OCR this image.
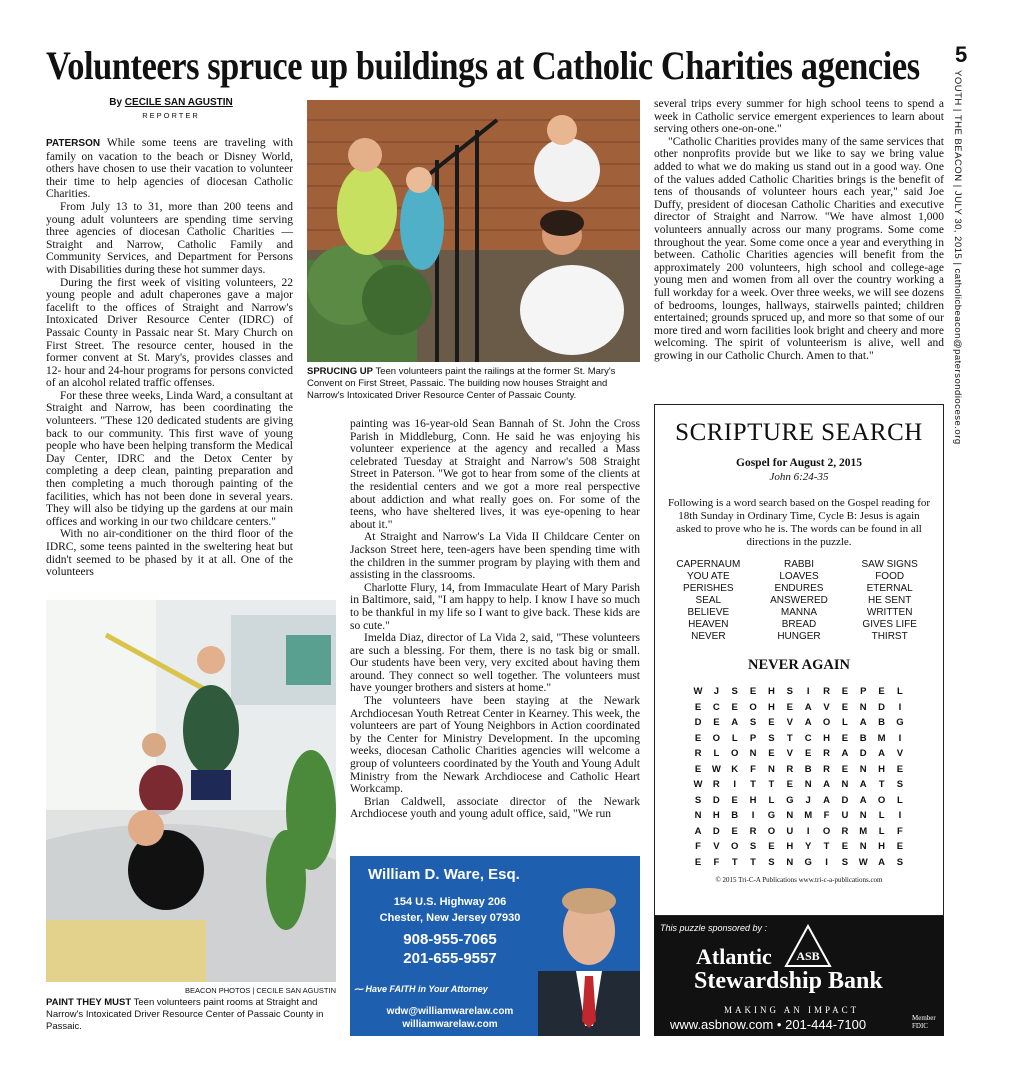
Volunteers spruce up buildings at Catholic Charities agencies 5
YOUTH | THE BEACON | JULY 30, 2015 | catholicbeacon@patersondiocese.org
By CECILE SAN AGUSTIN
REPORTER

PATERSON While some teens are traveling with family on vacation to the beach or Disney World, others have chosen to use their vacation to volunteer their time to help agencies of diocesan Catholic Charities.

From July 13 to 31, more than 200 teens and young adult volunteers are spending time serving three agencies of diocesan Catholic Charities — Straight and Narrow, Catholic Family and Community Services, and Department for Persons with Disabilities during these hot summer days.

During the first week of visiting volunteers, 22 young people and adult chaperones gave a major facelift to the offices of Straight and Narrow's Intoxicated Driver Resource Center (IDRC) of Passaic County in Passaic near St. Mary Church on First Street. The resource center, housed in the former convent at St. Mary's, provides classes and 12- hour and 24-hour programs for persons convicted of an alcohol related traffic offenses.

For these three weeks, Linda Ward, a consultant at Straight and Narrow, has been coordinating the volunteers. "These 120 dedicated students are giving back to our community. This first wave of young people who have been helping transform the Medical Day Center, IDRC and the Detox Center by completing a deep clean, painting preparation and then completing a much thorough painting of the facilities, which has not been done in several years. They will also be tidying up the gardens at our main offices and working in our two childcare centers."

With no air-conditioner on the third floor of the IDRC, some teens painted in the sweltering heat but didn't seemed to be phased by it at all. One of the volunteers

SPRUCING UP Teen volunteers paint the railings at the former St. Mary's Convent on First Street, Passaic. The building now houses Straight and Narrow's Intoxicated Driver Resource Center of Passaic County.

painting was 16-year-old Sean Bannah of St. John the Cross Parish in Middleburg, Conn. He said he was enjoying his volunteer experience at the agency and recalled a Mass celebrated Tuesday at Straight and Narrow's 508 Straight Street in Paterson. "We got to hear from some of the clients at the residential centers and we got a more real perspective about addiction and what really goes on. For some of the teens, who have sheltered lives, it was eye-opening to hear about it."

At Straight and Narrow's La Vida II Childcare Center on Jackson Street here, teen-agers have been spending time with the children in the summer program by playing with them and assisting in the classrooms.

Charlotte Flury, 14, from Immaculate Heart of Mary Parish in Baltimore, said, "I am happy to help. I know I have so much to be thankful in my life so I want to give back. These kids are so cute."

Imelda Diaz, director of La Vida 2, said, "These volunteers are such a blessing. For them, there is no task big or small. Our students have been very, very excited about having them around. They connect so well together. The volunteers must have younger brothers and sisters at home."

The volunteers have been staying at the Newark Archdiocesan Youth Retreat Center in Kearney. This week, the volunteers are part of Young Neighbors in Action coordinated by the Center for Ministry Development. In the upcoming weeks, diocesan Catholic Charities agencies will welcome a group of volunteers coordinated by the Youth and Young Adult Ministry from the Newark Archdiocese and Catholic Heart Workcamp.

Brian Caldwell, associate director of the Newark Archdiocese youth and young adult office, said, "We run

several trips every summer for high school teens to spend a week in Catholic service emergent experiences to learn about serving others one-on-one."

"Catholic Charities provides many of the same services that other nonprofits provide but we like to say we bring value added to what we do making us stand out in a good way. One of the values added Catholic Charities brings is the benefit of tens of thousands of volunteer hours each year," said Joe Duffy, president of diocesan Catholic Charities and executive director of Straight and Narrow. "We have almost 1,000 volunteers annually across our many programs. Some come throughout the year. Some come once a year and everything in between. Catholic Charities agencies will benefit from the approximately 200 volunteers, high school and college-age young men and women from all over the country working a full workday for a week. Over three weeks, we will see dozens of bedrooms, lounges, hallways, stairwells painted; children entertained; grounds spruced up, and more so that some of our more tired and worn facilities look bright and cheery and more welcoming. The spirit of volunteerism is alive, well and growing in our Catholic Church. Amen to that."

BEACON PHOTOS | CECILE SAN AGUSTIN
PAINT THEY MUST Teen volunteers paint rooms at Straight and Narrow's Intoxicated Driver Resource Center of Passaic County in Passaic.
William D. Ware, Esq.
154 U.S. Highway 206
Chester, New Jersey 07930
908-955-7065
201-655-9557
⁓ Have FAITH in Your Attorney
wdw@williamwarelaw.com
williamwarelaw.com
SCRIPTURE SEARCH
Gospel for August 2, 2015
John 6:24-35
Following is a word search based on the Gospel reading for 18th Sunday in Ordinary Time, Cycle B: Jesus is again asked to prove who he is. The words can be found in all directions in the puzzle.
CAPERNAUM	RABBI	SAW SIGNS
YOU ATE	LOAVES	FOOD
PERISHES	ENDURES	ETERNAL
SEAL	ANSWERED	HE SENT
BELIEVE	MANNA	WRITTEN
HEAVEN	BREAD	GIVES LIFE
NEVER	HUNGER	THIRST
NEVER AGAIN
W	J	S	E	H	S	I	R	E	P	E	L
E	C	E	O	H	E	A	V	E	N	D	I
D	E	A	S	E	V	A	O	L	A	B	G
E	O	L	P	S	T	C	H	E	B	M	I
R	L	O	N	E	V	E	R	A	D	A	V
E	W	K	F	N	R	B	R	E	N	H	E
W	R	I	T	T	E	N	A	N	A	T	S
S	D	E	H	L	G	J	A	D	A	O	L
N	H	B	I	G	N	M	F	U	N	L	I
A	D	E	R	O	U	I	O	R	M	L	F
F	V	O	S	E	H	Y	T	E	N	H	E
E	F	T	T	S	N	G	I	S	W	A	S
© 2015 Tri-C-A Publications www.tri-c-a-publications.com
This puzzle sponsored by :
Atlantic
Stewardship Bank
ASB
MAKING AN IMPACT
www.asbnow.com • 201-444-7100	Member FDIC
